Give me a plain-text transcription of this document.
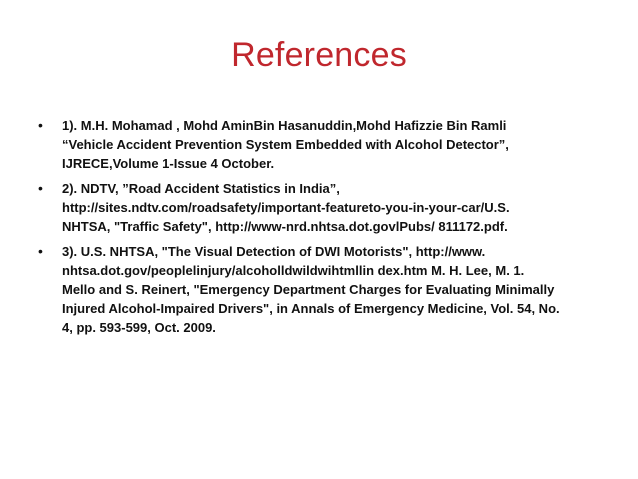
References
• 1). M.H. Mohamad , Mohd AminBin Hasanuddin,Mohd Hafizzie Bin Ramli
“Vehicle Accident Prevention System Embedded with Alcohol Detector”,
IJRECE,Volume 1-Issue 4 October.
• 2). NDTV, ”Road Accident Statistics in India”,
http://sites.ndtv.com/roadsafety/important-featureto-you-in-your-car/U.S.
NHTSA, "Traffic Safety", http://www-nrd.nhtsa.dot.govlPubs/ 811172.pdf.
• 3). U.S. NHTSA, "The Visual Detection of DWI Motorists", http://www.
nhtsa.dot.gov/peoplelinjury/alcoholldwildwihtmllin dex.htm M. H. Lee, M. 1.
Mello and S. Reinert, "Emergency Department Charges for Evaluating Minimally
Injured Alcohol-Impaired Drivers", in Annals of Emergency Medicine, Vol. 54, No.
4, pp. 593-599, Oct. 2009.
